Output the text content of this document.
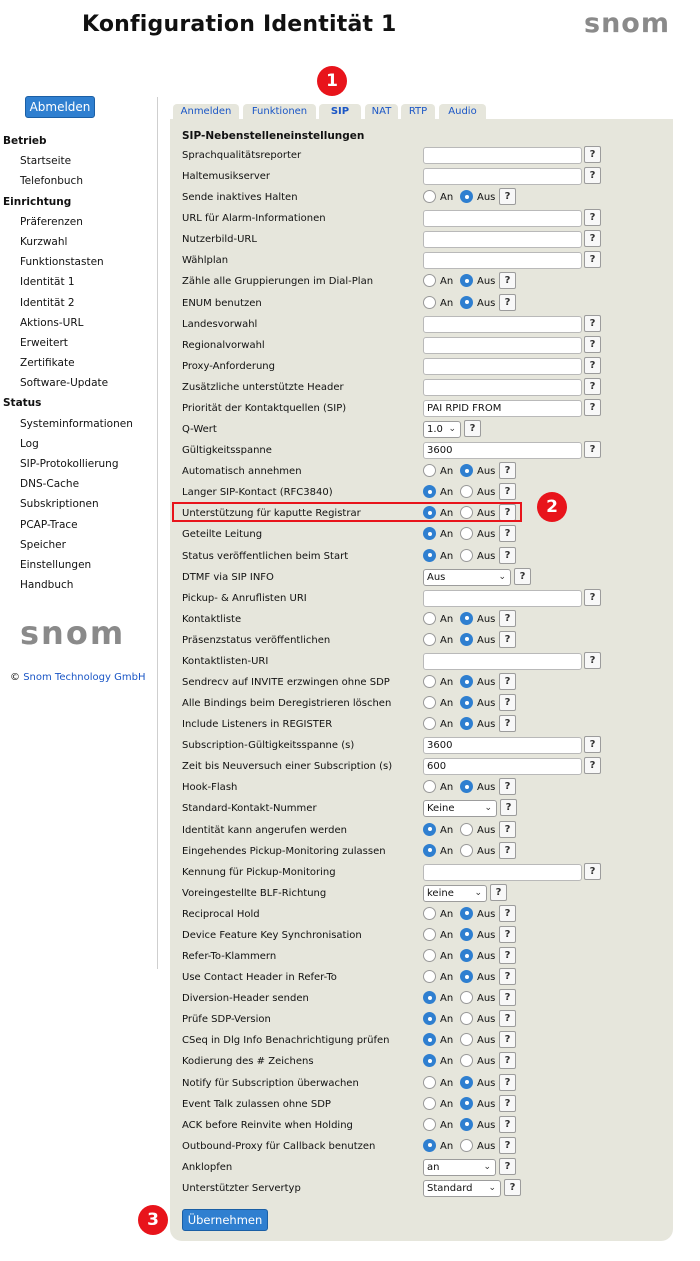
Konfiguration Identität 1	snom
Abmelden
Betrieb
Startseite
Telefonbuch
Einrichtung
Präferenzen
Kurzwahl
Funktionstasten
Identität 1
Identität 2
Aktions-URL
Erweitert
Zertifikate
Software-Update
Status
Systeminformationen
Log
SIP-Protokollierung
DNS-Cache
Subskriptionen
PCAP-Trace
Speicher
Einstellungen
Handbuch
snom
© Snom Technology GmbH
Anmelden	Funktionen	SIP	NAT	RTP	Audio
SIP-Nebenstelleneinstellungen
Sprachqualitätsreporter	?
Haltemusikserver	?
Sende inaktives Halten	An Aus ?
URL für Alarm-Informationen	?
Nutzerbild-URL	?
Wählplan	?
Zähle alle Gruppierungen im Dial-Plan	An Aus ?
ENUM benutzen	An Aus ?
Landesvorwahl	?
Regionalvorwahl	?
Proxy-Anforderung	?
Zusätzliche unterstützte Header	?
Priorität der Kontaktquellen (SIP)	PAI RPID FROM	?
Q-Wert	1.0 ⌄	?
Gültigkeitsspanne	3600	?
Automatisch annehmen	An Aus ?
Langer SIP-Kontact (RFC3840)	An Aus ?
Unterstützung für kaputte Registrar	An Aus ?
Geteilte Leitung	An Aus ?
Status veröffentlichen beim Start	An Aus ?
DTMF via SIP INFO	Aus	⌄	?
Pickup- & Anruflisten URI	?
Kontaktliste	An Aus ?
Präsenzstatus veröffentlichen	An Aus ?
Kontaktlisten-URI	?
Sendrecv auf INVITE erzwingen ohne SDP	An Aus ?
Alle Bindings beim Deregistrieren löschen	An Aus ?
Include Listeners in REGISTER	An Aus ?
Subscription-Gültigkeitsspanne (s)	3600	?
Zeit bis Neuversuch einer Subscription (s)	600	?
Hook-Flash	An Aus ?
Standard-Kontakt-Nummer	Keine	⌄	?
Identität kann angerufen werden	An Aus ?
Eingehendes Pickup-Monitoring zulassen	An Aus ?
Kennung für Pickup-Monitoring	?
Voreingestellte BLF-Richtung	keine ⌄	?
Reciprocal Hold	An Aus ?
Device Feature Key Synchronisation	An Aus ?
Refer-To-Klammern	An Aus ?
Use Contact Header in Refer-To	An Aus ?
Diversion-Header senden	An Aus ?
Prüfe SDP-Version	An Aus ?
CSeq in Dlg Info Benachrichtigung prüfen	An Aus ?
Kodierung des # Zeichens	An Aus ?
Notify für Subscription überwachen	An Aus ?
Event Talk zulassen ohne SDP	An Aus ?
ACK before Reinvite when Holding	An Aus ?
Outbound-Proxy für Callback benutzen	An Aus ?
Anklopfen	an	⌄	?
Unterstützter Servertyp	Standard ⌄	?
1
2
3	Übernehmen
